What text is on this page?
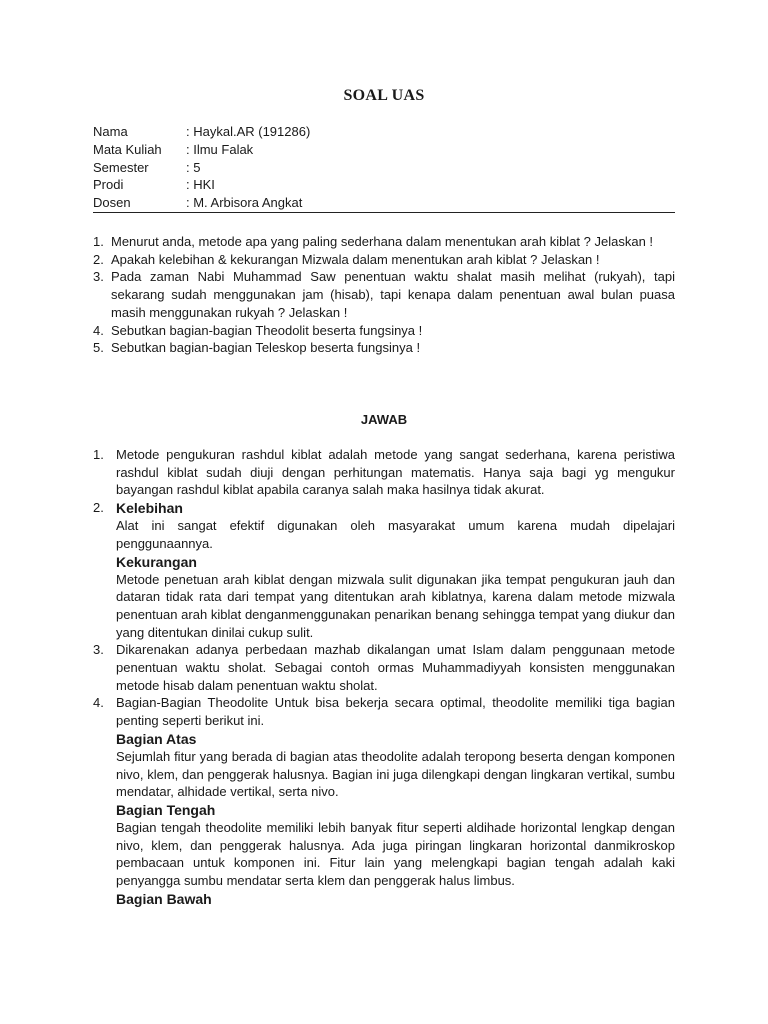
SOAL UAS
Nama	: Haykal.AR (191286)
Mata Kuliah	: Ilmu Falak
Semester	: 5
Prodi	: HKI
Dosen	: M. Arbisora Angkat
1. Menurut anda, metode apa yang paling sederhana dalam menentukan arah kiblat ? Jelaskan !
2. Apakah kelebihan & kekurangan Mizwala dalam menentukan arah kiblat ? Jelaskan !
3. Pada zaman Nabi Muhammad Saw penentuan waktu shalat masih melihat (rukyah), tapi sekarang sudah menggunakan jam (hisab), tapi kenapa dalam penentuan awal bulan puasa masih menggunakan rukyah ? Jelaskan !
4. Sebutkan bagian-bagian Theodolit beserta fungsinya !
5. Sebutkan bagian-bagian Teleskop beserta fungsinya !
JAWAB
1. Metode pengukuran rashdul kiblat adalah metode yang sangat sederhana, karena peristiwa rashdul kiblat sudah diuji dengan perhitungan matematis. Hanya saja bagi yg mengukur bayangan rashdul kiblat apabila caranya salah maka hasilnya tidak akurat.

2. Kelebihan

Alat ini sangat efektif digunakan oleh masyarakat umum karena mudah dipelajari penggunaannya.

Kekurangan

Metode penetuan arah kiblat dengan mizwala sulit digunakan jika tempat pengukuran jauh dan dataran tidak rata dari tempat yang ditentukan arah kiblatnya, karena dalam metode mizwala penentuan arah kiblat denganmenggunakan penarikan benang sehingga tempat yang diukur dan yang ditentukan dinilai cukup sulit.

3. Dikarenakan adanya perbedaan mazhab dikalangan umat Islam dalam penggunaan metode penentuan waktu sholat. Sebagai contoh ormas Muhammadiyyah konsisten menggunakan metode hisab dalam penentuan waktu sholat.

4. Bagian-Bagian Theodolite Untuk bisa bekerja secara optimal, theodolite memiliki tiga bagian penting seperti berikut ini.

Bagian Atas

Sejumlah fitur yang berada di bagian atas theodolite adalah teropong beserta dengan komponen nivo, klem, dan penggerak halusnya. Bagian ini juga dilengkapi dengan lingkaran vertikal, sumbu mendatar, alhidade vertikal, serta nivo.

Bagian Tengah

Bagian tengah theodolite memiliki lebih banyak fitur seperti aldihade horizontal lengkap dengan nivo, klem, dan penggerak halusnya. Ada juga piringan lingkaran horizontal danmikroskop pembacaan untuk komponen ini. Fitur lain yang melengkapi bagian tengah adalah kaki penyangga sumbu mendatar serta klem dan penggerak halus limbus.

Bagian Bawah
